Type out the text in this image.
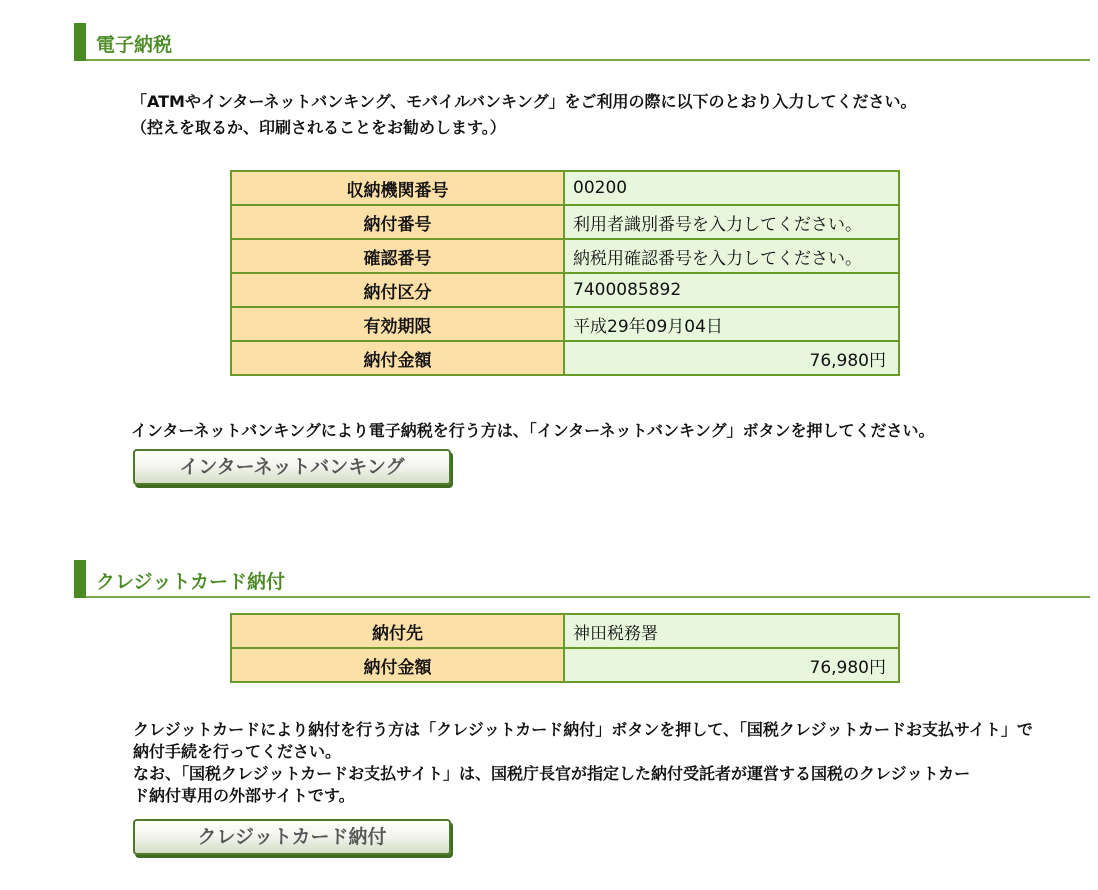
電子納税
「ATMやインターネットバンキング、モバイルバンキング」をご利用の際に以下のとおり入力してください。
（控えを取るか、印刷されることをお勧めします。）
収納機関番号	00200
納付番号	利用者識別番号を入力してください。
確認番号	納税用確認番号を入力してください。
納付区分	7400085892
有効期限	平成29年09月04日
納付金額	76,980円
インターネットバンキングにより電子納税を行う方は、「インターネットバンキング」ボタンを押してください。
インターネットバンキング
クレジットカード納付
納付先	神田税務署
納付金額	76,980円
クレジットカードにより納付を行う方は「クレジットカード納付」ボタンを押して、「国税クレジットカードお支払サイト」で
納付手続を行ってください。
なお、「国税クレジットカードお支払サイト」は、国税庁長官が指定した納付受託者が運営する国税のクレジットカー
ド納付専用の外部サイトです。
クレジットカード納付
